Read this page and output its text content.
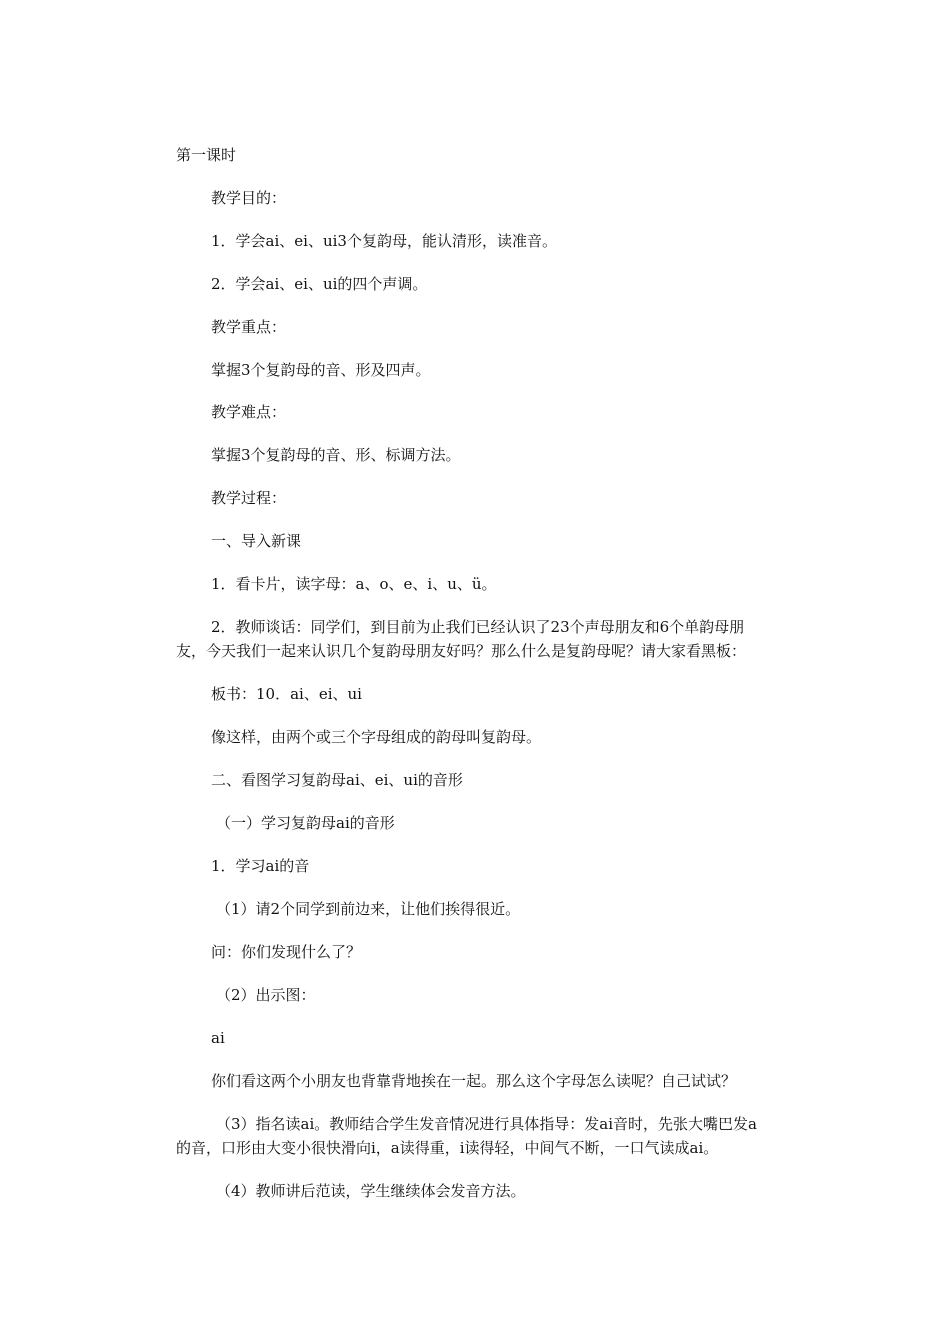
第一课时
教学目的：
1．学会ai、ei、ui3个复韵母，能认清形，读准音。
2．学会ai、ei、ui的四个声调。
教学重点：
掌握3个复韵母的音、形及四声。
教学难点：
掌握3个复韵母的音、形、标调方法。
教学过程：
一、导入新课
1．看卡片，读字母：a、o、e、i、u、ü。
2．教师谈话：同学们，到目前为止我们已经认识了23个声母朋友和6个单韵母朋
友，今天我们一起来认识几个复韵母朋友好吗？那么什么是复韵母呢？请大家看黑板：
板书：10．ai、ei、ui
像这样，由两个或三个字母组成的韵母叫复韵母。
二、看图学习复韵母ai、ei、ui的音形
（一）学习复韵母ai的音形
1．学习ai的音
（1）请2个同学到前边来，让他们挨得很近。
问：你们发现什么了？
（2）出示图：
ai
你们看这两个小朋友也背靠背地挨在一起。那么这个字母怎么读呢？自己试试？
（3）指名读ai。教师结合学生发音情况进行具体指导：发ai音时，先张大嘴巴发a
的音，口形由大变小很快滑向i，a读得重，i读得轻，中间气不断，一口气读成ai。
（4）教师讲后范读，学生继续体会发音方法。
